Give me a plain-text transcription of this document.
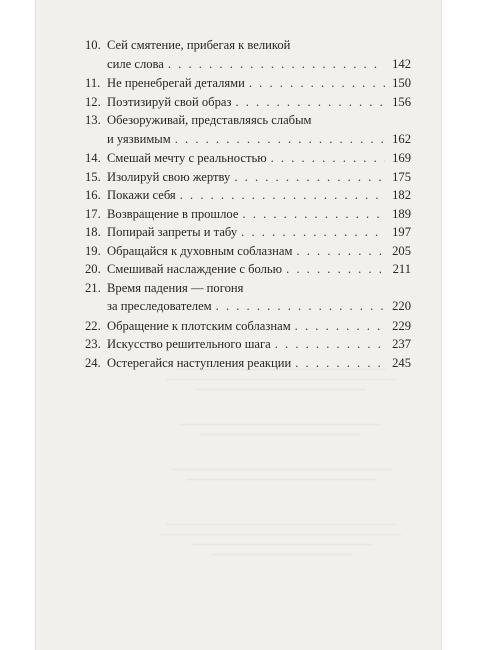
10. Сей смятение, прибегая к великой
силе слова . . .	142
11. Не пренебрегай деталями . . .	150
12. Поэтизируй свой образ . . .	156
13. Обезоруживай, представляясь слабым
и уязвимым . . .	162
14. Смешай мечту с реальностью . . .	169
15. Изолируй свою жертву . . .	175
16. Покажи себя . . .	182
17. Возвращение в прошлое . . .	189
18. Попирай запреты и табу . . .	197
19. Обращайся к духовным соблазнам . . .	205
20. Смешивай наслаждение с болью . . .	211
21. Время падения — погоня
за преследователем . . .	220
22. Обращение к плотским соблазнам . . .	229
23. Искусство решительного шага . . .	237
24. Остерегайся наступления реакции . . .	245
